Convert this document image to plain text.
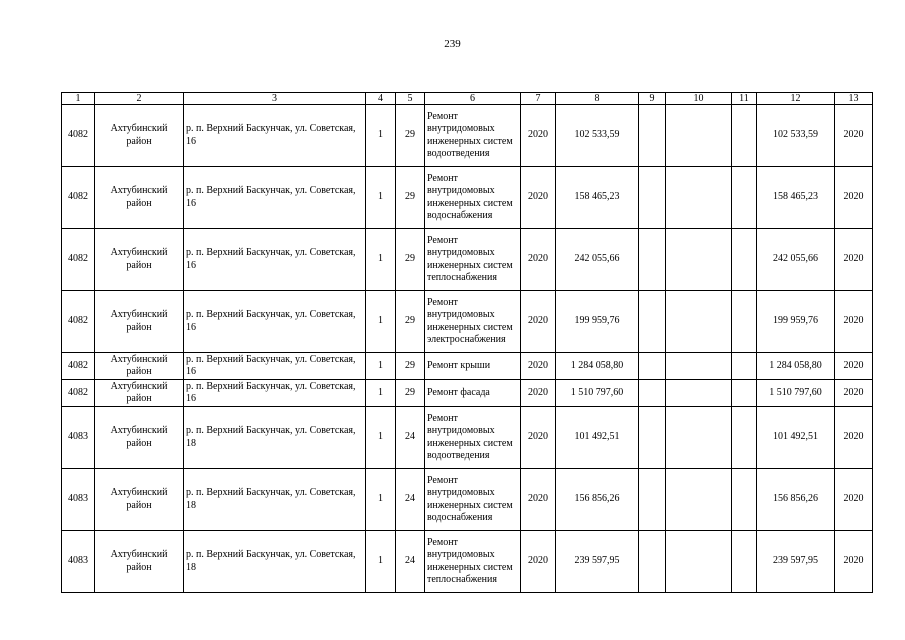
239
1	2	3	4	5	6	7	8	9	10	11	12	13
4082	Ахтубинский район	р. п. Верхний Баскунчак, ул. Советская, 16	1	29	Ремонт внутридомовых инженерных систем водоотведения	2020	102 533,59				102 533,59	2020
4082	Ахтубинский район	р. п. Верхний Баскунчак, ул. Советская, 16	1	29	Ремонт внутридомовых инженерных систем водоснабжения	2020	158 465,23				158 465,23	2020
4082	Ахтубинский район	р. п. Верхний Баскунчак, ул. Советская, 16	1	29	Ремонт внутридомовых инженерных систем теплоснабжения	2020	242 055,66				242 055,66	2020
4082	Ахтубинский район	р. п. Верхний Баскунчак, ул. Советская, 16	1	29	Ремонт внутридомовых инженерных систем электроснабжения	2020	199 959,76				199 959,76	2020
4082	Ахтубинский район	р. п. Верхний Баскунчак, ул. Советская, 16	1	29	Ремонт крыши	2020	1 284 058,80				1 284 058,80	2020
4082	Ахтубинский район	р. п. Верхний Баскунчак, ул. Советская, 16	1	29	Ремонт фасада	2020	1 510 797,60				1 510 797,60	2020
4083	Ахтубинский район	р. п. Верхний Баскунчак, ул. Советская, 18	1	24	Ремонт внутридомовых инженерных систем водоотведения	2020	101 492,51				101 492,51	2020
4083	Ахтубинский район	р. п. Верхний Баскунчак, ул. Советская, 18	1	24	Ремонт внутридомовых инженерных систем водоснабжения	2020	156 856,26				156 856,26	2020
4083	Ахтубинский район	р. п. Верхний Баскунчак, ул. Советская, 18	1	24	Ремонт внутридомовых инженерных систем теплоснабжения	2020	239 597,95				239 597,95	2020
